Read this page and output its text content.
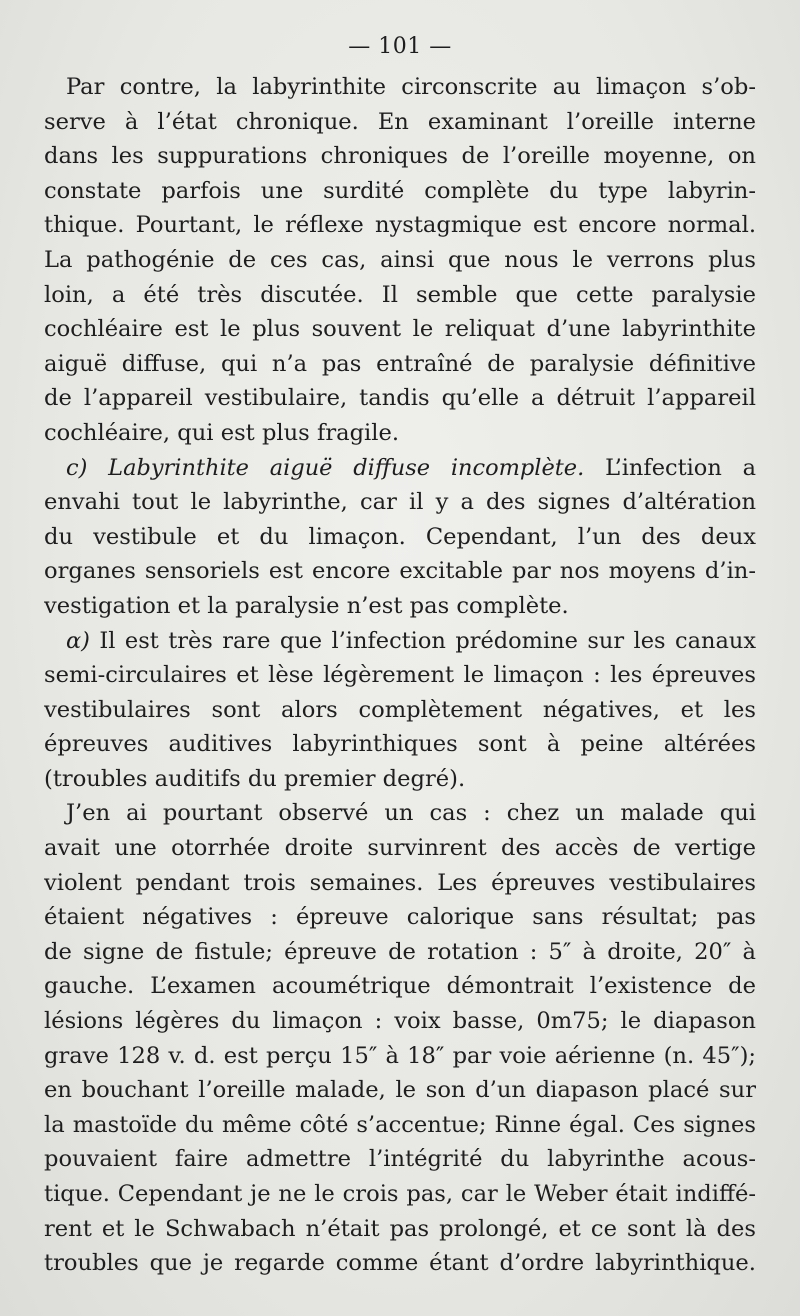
— 101 —
Par contre, la labyrinthite circonscrite au limaçon s’ob-
serve à l’état chronique. En examinant l’oreille interne
dans les suppurations chroniques de l’oreille moyenne, on
constate parfois une surdité complète du type labyrin-
thique. Pourtant, le réflexe nystagmique est encore normal.
La pathogénie de ces cas, ainsi que nous le verrons plus
loin, a été très discutée. Il semble que cette paralysie
cochléaire est le plus souvent le reliquat d’une labyrinthite
aiguë diffuse, qui n’a pas entraîné de paralysie définitive
de l’appareil vestibulaire, tandis qu’elle a détruit l’appareil
cochléaire, qui est plus fragile.
c) Labyrinthite aiguë diffuse incomplète. L’infection a
envahi tout le labyrinthe, car il y a des signes d’altération
du vestibule et du limaçon. Cependant, l’un des deux
organes sensoriels est encore excitable par nos moyens d’in-
vestigation et la paralysie n’est pas complète.
α) Il est très rare que l’infection prédomine sur les canaux
semi-circulaires et lèse légèrement le limaçon : les épreuves
vestibulaires sont alors complètement négatives, et les
épreuves auditives labyrinthiques sont à peine altérées
(troubles auditifs du premier degré).
J’en ai pourtant observé un cas : chez un malade qui
avait une otorrhée droite survinrent des accès de vertige
violent pendant trois semaines. Les épreuves vestibulaires
étaient négatives : épreuve calorique sans résultat; pas
de signe de fistule; épreuve de rotation : 5″ à droite, 20″ à
gauche. L’examen acoumétrique démontrait l’existence de
lésions légères du limaçon : voix basse, 0m75; le diapason
grave 128 v. d. est perçu 15″ à 18″ par voie aérienne (n. 45″);
en bouchant l’oreille malade, le son d’un diapason placé sur
la mastoïde du même côté s’accentue; Rinne égal. Ces signes
pouvaient faire admettre l’intégrité du labyrinthe acous-
tique. Cependant je ne le crois pas, car le Weber était indiffé-
rent et le Schwabach n’était pas prolongé, et ce sont là des
troubles que je regarde comme étant d’ordre labyrinthique.
